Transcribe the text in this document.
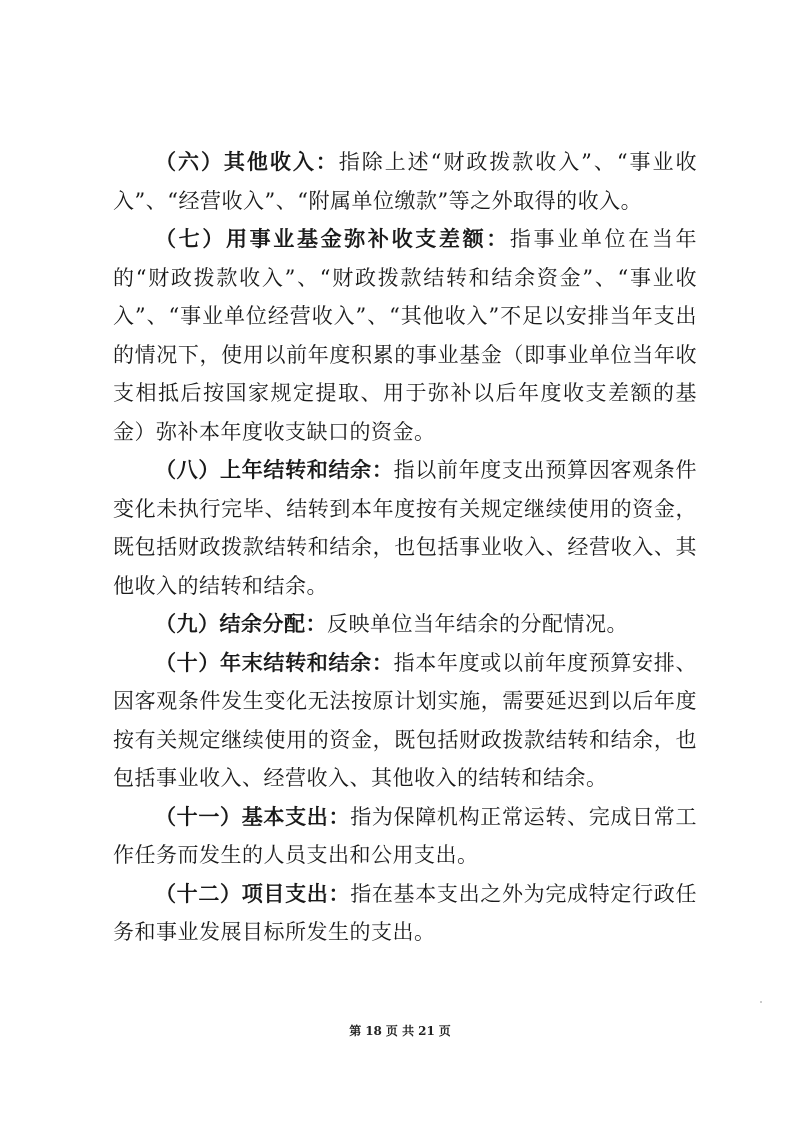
（六）其他收入：指除上述“财政拨款收入”、“事业收入”、“经营收入”、“附属单位缴款”等之外取得的收入。

（七）用事业基金弥补收支差额：指事业单位在当年的“财政拨款收入”、“财政拨款结转和结余资金”、“事业收入”、“事业单位经营收入”、“其他收入”不足以安排当年支出的情况下，使用以前年度积累的事业基金（即事业单位当年收支相抵后按国家规定提取、用于弥补以后年度收支差额的基金）弥补本年度收支缺口的资金。

（八）上年结转和结余：指以前年度支出预算因客观条件变化未执行完毕、结转到本年度按有关规定继续使用的资金，既包括财政拨款结转和结余，也包括事业收入、经营收入、其他收入的结转和结余。

（九）结余分配：反映单位当年结余的分配情况。

（十）年末结转和结余：指本年度或以前年度预算安排、因客观条件发生变化无法按原计划实施，需要延迟到以后年度按有关规定继续使用的资金，既包括财政拨款结转和结余，也包括事业收入、经营收入、其他收入的结转和结余。

（十一）基本支出：指为保障机构正常运转、完成日常工作任务而发生的人员支出和公用支出。

（十二）项目支出：指在基本支出之外为完成特定行政任务和事业发展目标所发生的支出。

第 18 页 共 21 页
